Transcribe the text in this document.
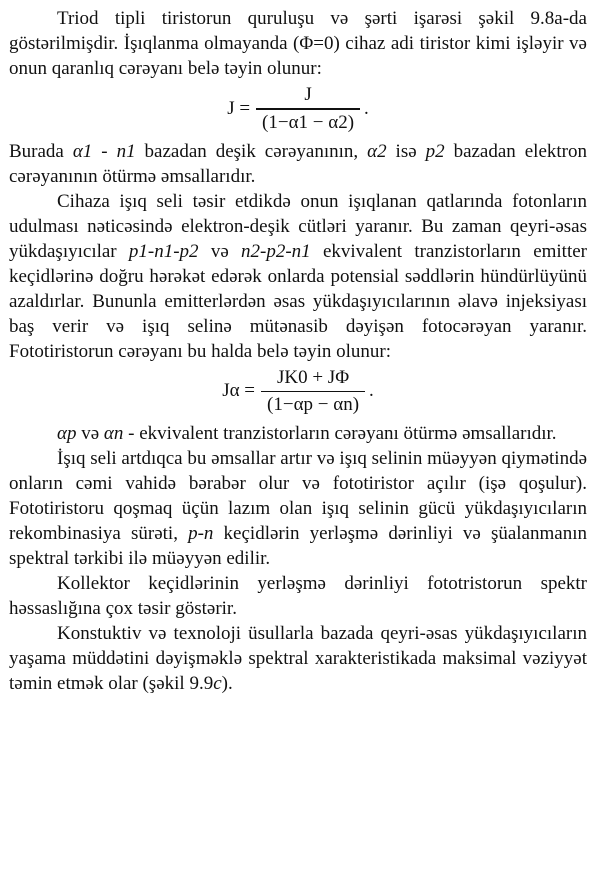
Triod tipli tiristorun quruluşu və şərti işarəsi şəkil 9.8a-da göstərilmişdir. İşıqlanma olmayanda (Φ=0) cihaz adi tiristor kimi işləyir və onun qaranlıq cərəyanı belə təyin olunur:

$J = \frac{J}{(1-\alpha 1 - \alpha 2)}$ .

Burada α1 - n1 bazadan deşik cərəyanının, α2 isə p2 bazadan elektron cərəyanının ötürmə əmsallarıdır.

Cihaza işıq seli təsir etdikdə onun işıqlanan qatlarında fotonların udulması nəticəsində elektron-deşik cütləri yaranır. Bu zaman qeyri-əsas yükdaşıyıcılar p1-n1-p2 və n2-p2-n1 ekvivalent tranzistorların emitter keçidlərinə doğru hərəkət edərək onlarda potensial səddlərin hündürlüyünü azaldırlar. Bununla emitterlərdən əsas yükdaşıyıcılarının əlavə injeksiyası baş verir və işıq selinə mütənasib dəyişən fotocərəyan yaranır. Fototiristorun cərəyanı bu halda belə təyin olunur:

$J\alpha = \frac{JK0 + J\Phi}{(1-\alpha p - \alpha n)}$ .

αp və αn - ekvivalent tranzistorların cərəyanı ötürmə əmsallarıdır.

İşıq seli artdıqca bu əmsallar artır və işıq selinin müəyyən qiymətində onların cəmi vahidə bərabər olur və fototiristor açılır (işə qoşulur). Fototiristoru qoşmaq üçün lazım olan işıq selinin gücü yükdaşıyıcıların rekombinasiya sürəti, p-n keçidlərin yerləşmə dərinliyi və şüalanmanın spektral tərkibi ilə müəyyən edilir.

Kollektor keçidlərinin yerləşmə dərinliyi fototristorun spektr həssaslığına çox təsir göstərir.

Konstuktiv və texnoloji üsullarla bazada qeyri-əsas yükdaşıyıcıların yaşama müddətini dəyişməklə spektral xarakteristikada maksimal vəziyyət təmin etmək olar (şəkil 9.9c).
